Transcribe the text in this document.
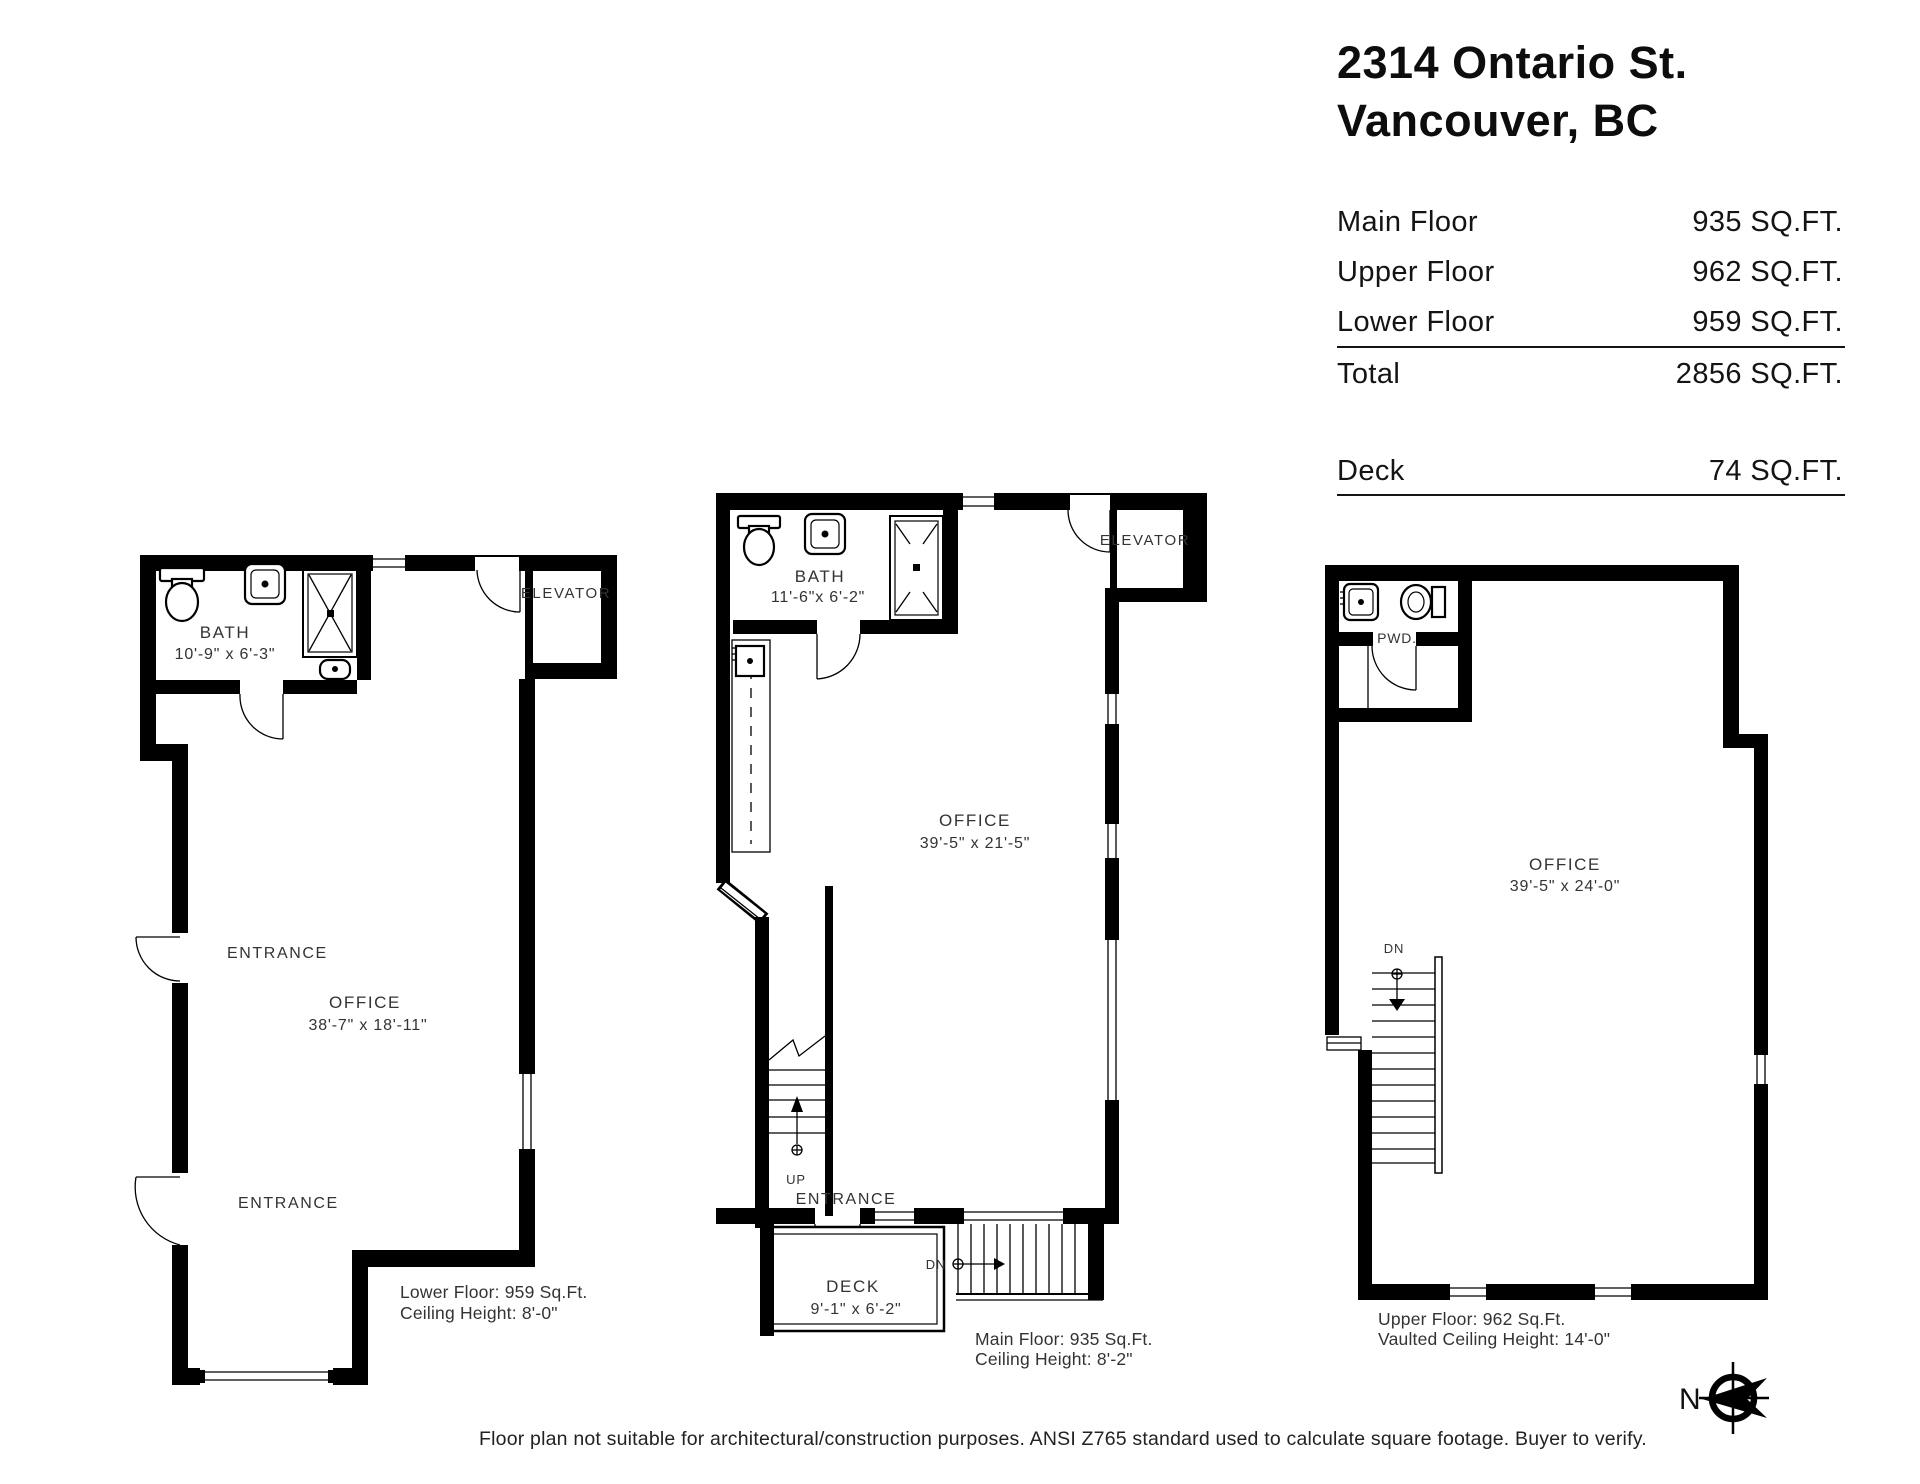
2314 Ontario St.
Vancouver, BC
Main Floor	935 SQ.FT.
Upper Floor	962 SQ.FT.
Lower Floor	959 SQ.FT.
Total	2856 SQ.FT.
Deck	74 SQ.FT.
ELEVATOR
BATH
10'-9" x 6'-3"
ENTRANCE
ENTRANCE
OFFICE
38'-7" x 18'-11"
Lower Floor: 959 Sq.Ft.
Ceiling Height: 8'-0"
ELEVATOR
BATH
11'-6"x 6'-2"
OFFICE
39'-5" x 21'-5"
UP
ENTRANCE
DECK
9'-1" x 6'-2"
DN
Main Floor: 935 Sq.Ft.
Ceiling Height: 8'-2"
PWD.
DN
OFFICE
39'-5" x 24'-0"
Upper Floor: 962 Sq.Ft.
Vaulted Ceiling Height: 14'-0"
Floor plan not suitable for architectural/construction purposes. ANSI Z765 standard used to calculate square footage. Buyer to verify.
N
